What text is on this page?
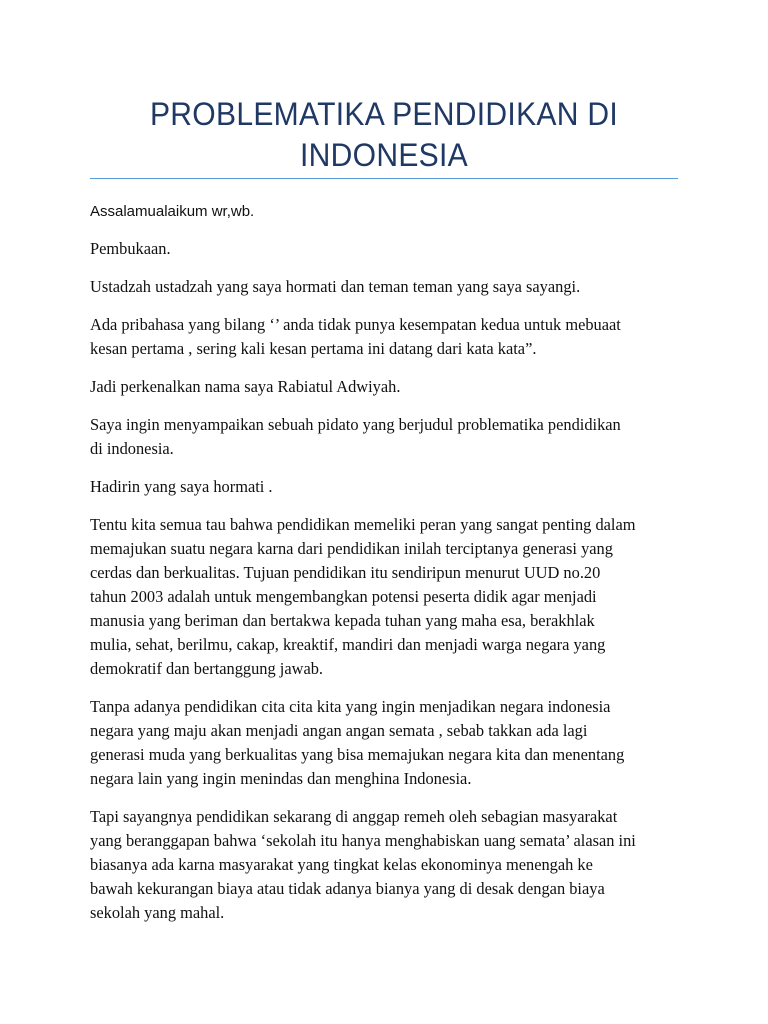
PROBLEMATIKA PENDIDIKAN DI
INDONESIA

Assalamualaikum wr,wb.

Pembukaan.

Ustadzah ustadzah yang saya hormati dan teman teman yang saya sayangi.

Ada pribahasa yang bilang ‘’ anda tidak punya kesempatan kedua untuk mebuaat
kesan pertama , sering kali kesan pertama ini datang dari kata kata”.

Jadi perkenalkan nama saya Rabiatul Adwiyah.

Saya ingin menyampaikan sebuah pidato yang berjudul problematika pendidikan
di indonesia.

Hadirin yang saya hormati .

Tentu kita semua tau bahwa pendidikan memeliki peran yang sangat penting dalam
memajukan suatu negara karna dari pendidikan inilah terciptanya generasi yang
cerdas dan berkualitas. Tujuan pendidikan itu sendiripun menurut UUD no.20
tahun 2003 adalah untuk mengembangkan potensi peserta didik agar menjadi
manusia yang beriman dan bertakwa kepada tuhan yang maha esa, berakhlak
mulia, sehat, berilmu, cakap, kreaktif, mandiri dan menjadi warga negara yang
demokratif dan bertanggung jawab.

Tanpa adanya pendidikan cita cita kita yang ingin menjadikan negara indonesia
negara yang maju akan menjadi angan angan semata , sebab takkan ada lagi
generasi muda yang berkualitas yang bisa memajukan negara kita dan menentang
negara lain yang ingin menindas dan menghina Indonesia.

Tapi sayangnya pendidikan sekarang di anggap remeh oleh sebagian masyarakat
yang beranggapan bahwa ‘sekolah itu hanya menghabiskan uang semata’ alasan ini
biasanya ada karna masyarakat yang tingkat kelas ekonominya menengah ke
bawah kekurangan biaya atau tidak adanya bianya yang di desak dengan biaya
sekolah yang mahal.
